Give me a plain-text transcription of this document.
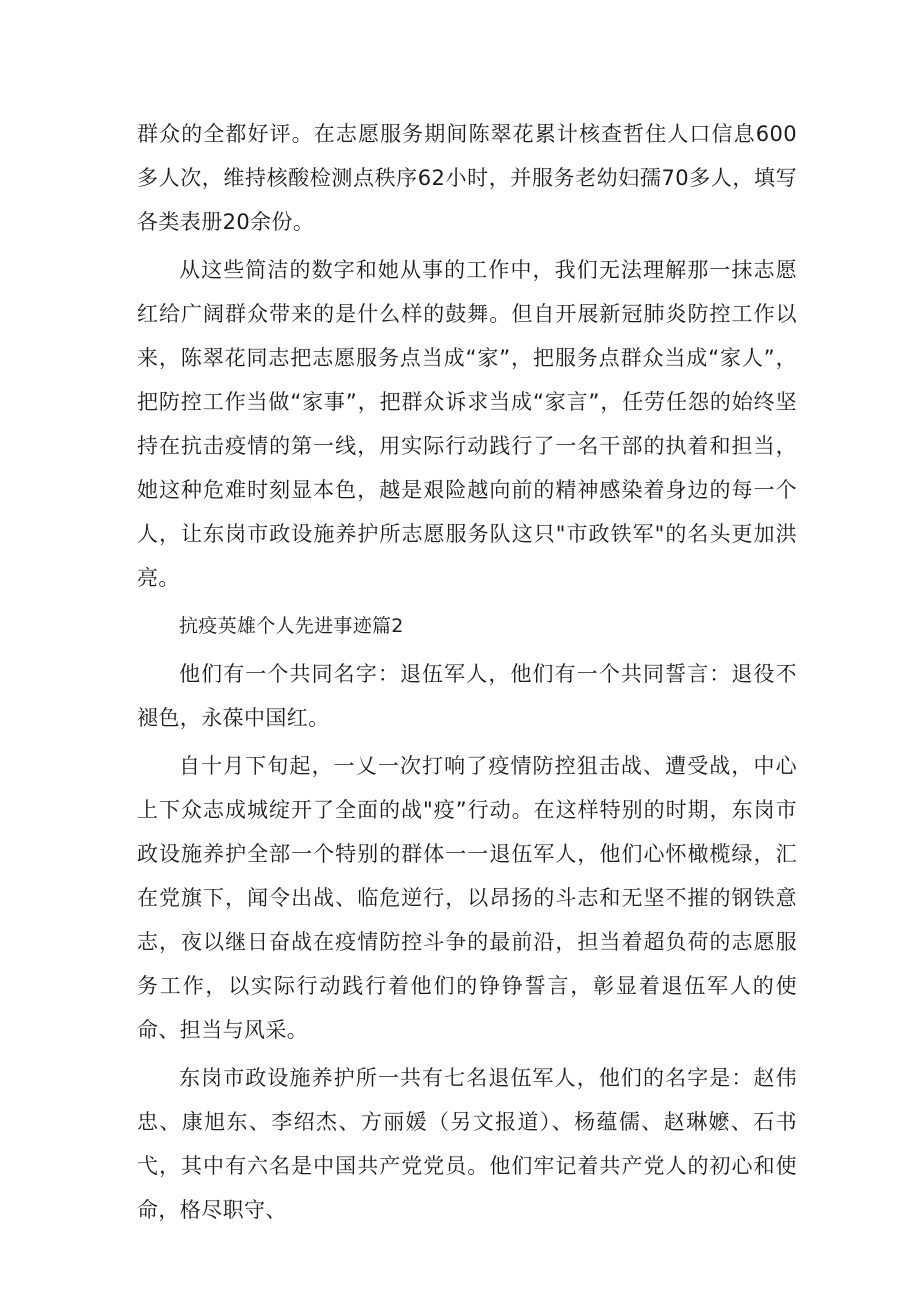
群众的全都好评。在志愿服务期间陈翠花累计核查哲住人口信息600多人次，维持核酸检测点秩序62小时，并服务老幼妇孺70多人，填写各类表册20余份。

从这些简洁的数字和她从事的工作中，我们无法理解那一抹志愿红给广阔群众带来的是什么样的鼓舞。但自开展新冠肺炎防控工作以来，陈翠花同志把志愿服务点当成“家”，把服务点群众当成“家人”，把防控工作当做“家事”，把群众诉求当成“家言”，任劳任怨的始终坚持在抗击疫情的第一线，用实际行动践行了一名干部的执着和担当，她这种危难时刻显本色，越是艰险越向前的精神感染着身边的每一个人，让东岗市政设施养护所志愿服务队这只"市政铁军"的名头更加洪亮。

抗疫英雄个人先进事迹篇2

他们有一个共同名字：退伍军人，他们有一个共同誓言：退役不褪色，永葆中国红。

自十月下旬起，一乂一次打响了疫情防控狙击战、遭受战，中心上下众志成城绽开了全面的战"疫”行动。在这样特别的时期，东岗市政设施养护全部一个特别的群体一一退伍军人，他们心怀橄榄绿，汇在党旗下，闻令出战、临危逆行，以昂扬的斗志和无坚不摧的钢铁意志，夜以继日奋战在疫情防控斗争的最前沿，担当着超负荷的志愿服务工作，以实际行动践行着他们的铮铮誓言，彰显着退伍军人的使命、担当与风采。

东岗市政设施养护所一共有七名退伍军人，他们的名字是：赵伟忠、康旭东、李绍杰、方丽媛（另文报道）、杨蕴儒、赵琳嬷、石书弋，其中有六名是中国共产党党员。他们牢记着共产党人的初心和使命，格尽职守、
